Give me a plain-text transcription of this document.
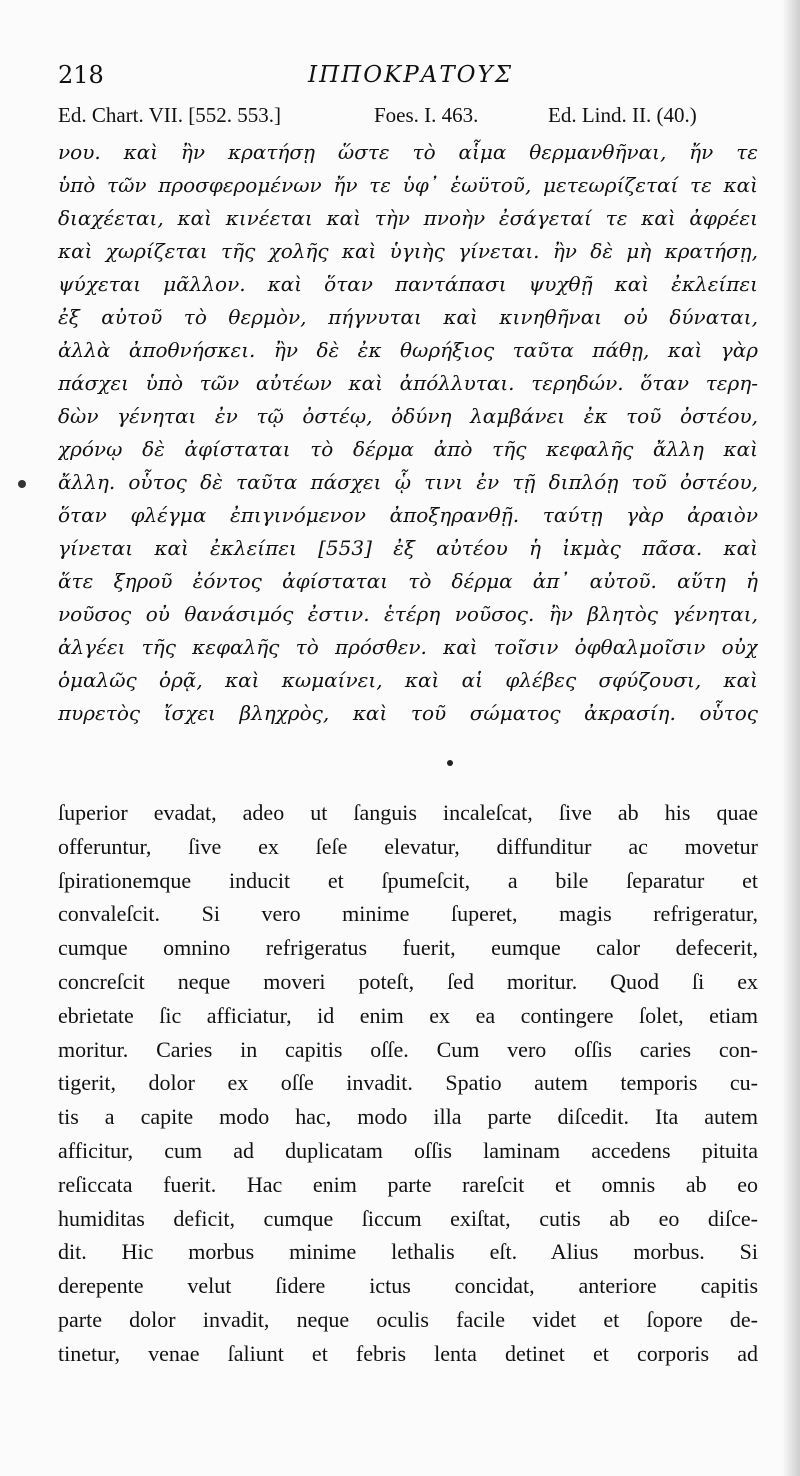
218	ΙΠΠΟΚΡΑΤΟΥΣ
Ed. Chart. VII. [552. 553.]	Foes. I. 463.	Ed. Lind. II. (40.)
νου. καὶ ἢν κρατήσῃ ὥστε τὸ αἷμα θερμανθῆναι, ἤν τε
ὑπὸ τῶν προσφερομένων ἤν τε ὑφ᾽ ἑωϋτοῦ, μετεωρίζεταί τε καὶ
διαχέεται, καὶ κινέεται καὶ τὴν πνοὴν ἐσάγεταί τε καὶ ἀφρέει
καὶ χωρίζεται τῆς χολῆς καὶ ὑγιὴς γίνεται. ἢν δὲ μὴ κρατήσῃ,
ψύχεται μᾶλλον. καὶ ὅταν παντάπασι ψυχθῇ καὶ ἐκλείπει
ἐξ αὐτοῦ τὸ θερμὸν, πήγνυται καὶ κινηθῆναι οὐ δύναται,
ἀλλὰ ἀποθνήσκει. ἢν δὲ ἐκ θωρήξιος ταῦτα πάθῃ, καὶ γὰρ
πάσχει ὑπὸ τῶν αὐτέων καὶ ἀπόλλυται. τερηδών. ὅταν τερη-
δὼν γένηται ἐν τῷ ὀστέῳ, ὀδύνη λαμβάνει ἐκ τοῦ ὀστέου,
χρόνῳ δὲ ἀφίσταται τὸ δέρμα ἀπὸ τῆς κεφαλῆς ἄλλη καὶ
ἄλλη. οὗτος δὲ ταῦτα πάσχει ᾧ τινι ἐν τῇ διπλόῃ τοῦ ὀστέου,
ὅταν φλέγμα ἐπιγινόμενον ἀποξηρανθῇ. ταύτῃ γὰρ ἀραιὸν
γίνεται καὶ ἐκλείπει [553] ἐξ αὐτέου ἡ ἰκμὰς πᾶσα. καὶ
ἅτε ξηροῦ ἐόντος ἀφίσταται τὸ δέρμα ἀπ᾽ αὐτοῦ. αὕτη ἡ
νοῦσος οὐ θανάσιμός ἐστιν. ἑτέρη νοῦσος. ἢν βλητὸς γένηται,
ἀλγέει τῆς κεφαλῆς τὸ πρόσθεν. καὶ τοῖσιν ὀφθαλμοῖσιν οὐχ
ὁμαλῶς ὁρᾷ, καὶ κωμαίνει, καὶ αἱ φλέβες σφύζουσι, καὶ
πυρετὸς ἴσχει βληχρὸς, καὶ τοῦ σώματος ἀκρασίη. οὗτος
ſuperior evadat, adeo ut ſanguis incaleſcat, ſive ab his quae
offeruntur, ſive ex ſeſe elevatur, diffunditur ac movetur
ſpirationemque inducit et ſpumeſcit, a bile ſeparatur et
convaleſcit. Si vero minime ſuperet, magis refrigeratur,
cumque omnino refrigeratus fuerit, eumque calor defecerit,
concreſcit neque moveri poteſt, ſed moritur. Quod ſi ex
ebrietate ſic afficiatur, id enim ex ea contingere ſolet, etiam
moritur. Caries in capitis oſſe. Cum vero oſſis caries con-
tigerit, dolor ex oſſe invadit. Spatio autem temporis cu-
tis a capite modo hac, modo illa parte diſcedit. Ita autem
afficitur, cum ad duplicatam oſſis laminam accedens pituita
reſiccata fuerit. Hac enim parte rareſcit et omnis ab eo
humiditas deficit, cumque ſiccum exiſtat, cutis ab eo diſce-
dit. Hic morbus minime lethalis eſt. Alius morbus. Si
derepente velut ſidere ictus concidat, anteriore capitis
parte dolor invadit, neque oculis facile videt et ſopore de-
tinetur, venae ſaliunt et febris lenta detinet et corporis ad
